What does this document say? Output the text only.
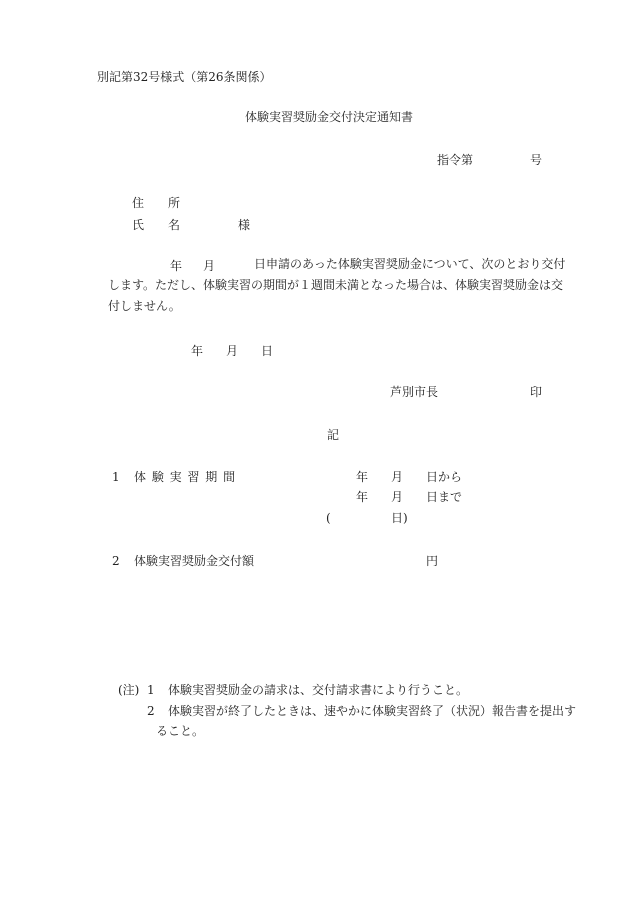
別記第32号様式（第26条関係）
体験実習奨励金交付決定通知書
指令第	号
住　　所
氏　　名	様
年 月	日申請のあった体験実習奨励金について、次のとおり交付します。ただし、体験実習の期間が１週間未満となった場合は、体験実習奨励金は交付しません。
年 月 日
芦別市長	印
記
1 体 験 実 習 期 間	年 月 日から
年 月 日まで
(	日)
2 体験実習奨励金交付額	円
(注) 1 体験実習奨励金の請求は、交付請求書により行うこと。
2 体験実習が終了したときは、速やかに体験実習終了（状況）報告書を提出す
ること。
